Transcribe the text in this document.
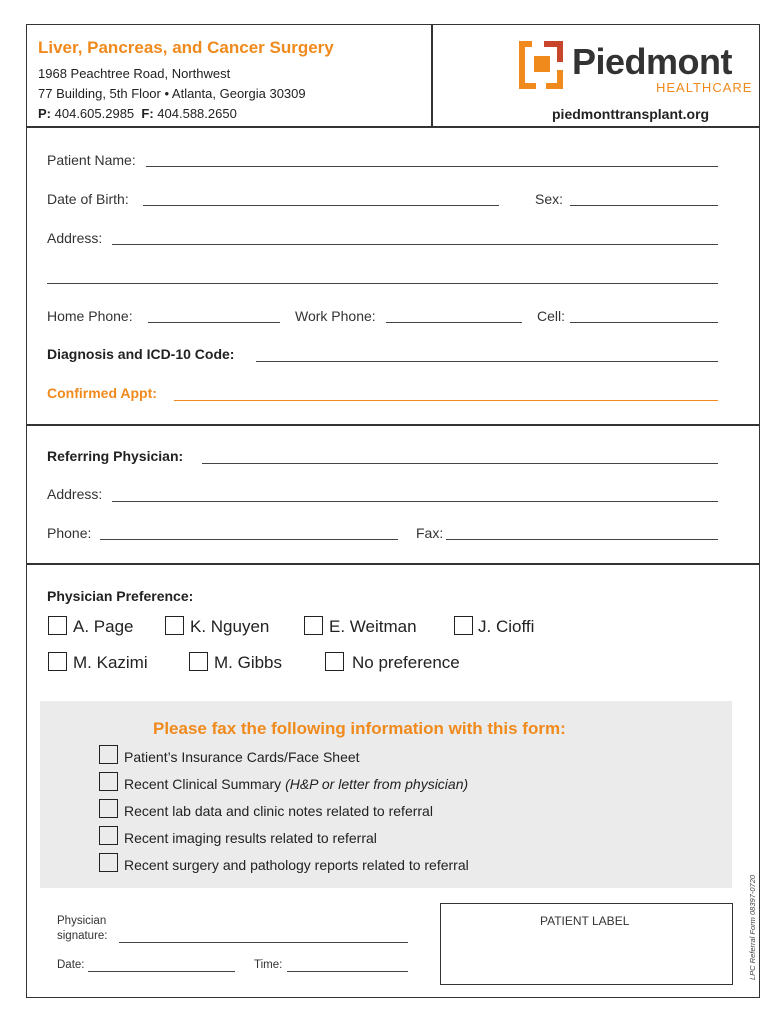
Liver, Pancreas, and Cancer Surgery
1968 Peachtree Road, Northwest
77 Building, 5th Floor • Atlanta, Georgia 30309
P: 404.605.2985 F: 404.588.2650
Piedmont
HEALTHCARE
piedmonttransplant.org
Patient Name:
Date of Birth:	Sex:
Address:
Home Phone:	Work Phone:	Cell:
Diagnosis and ICD-10 Code:
Confirmed Appt:
Referring Physician:
Address:
Phone:	Fax:
Physician Preference:
A. Page	K. Nguyen	E. Weitman	J. Cioffi
M. Kazimi	M. Gibbs	No preference
Please fax the following information with this form:
Patient’s Insurance Cards/Face Sheet
Recent Clinical Summary (H&P or letter from physician)
Recent lab data and clinic notes related to referral
Recent imaging results related to referral
Recent surgery and pathology reports related to referral
Physician
signature:
Date:	Time:
PATIENT LABEL	LPC Referral Form 08397-0720
